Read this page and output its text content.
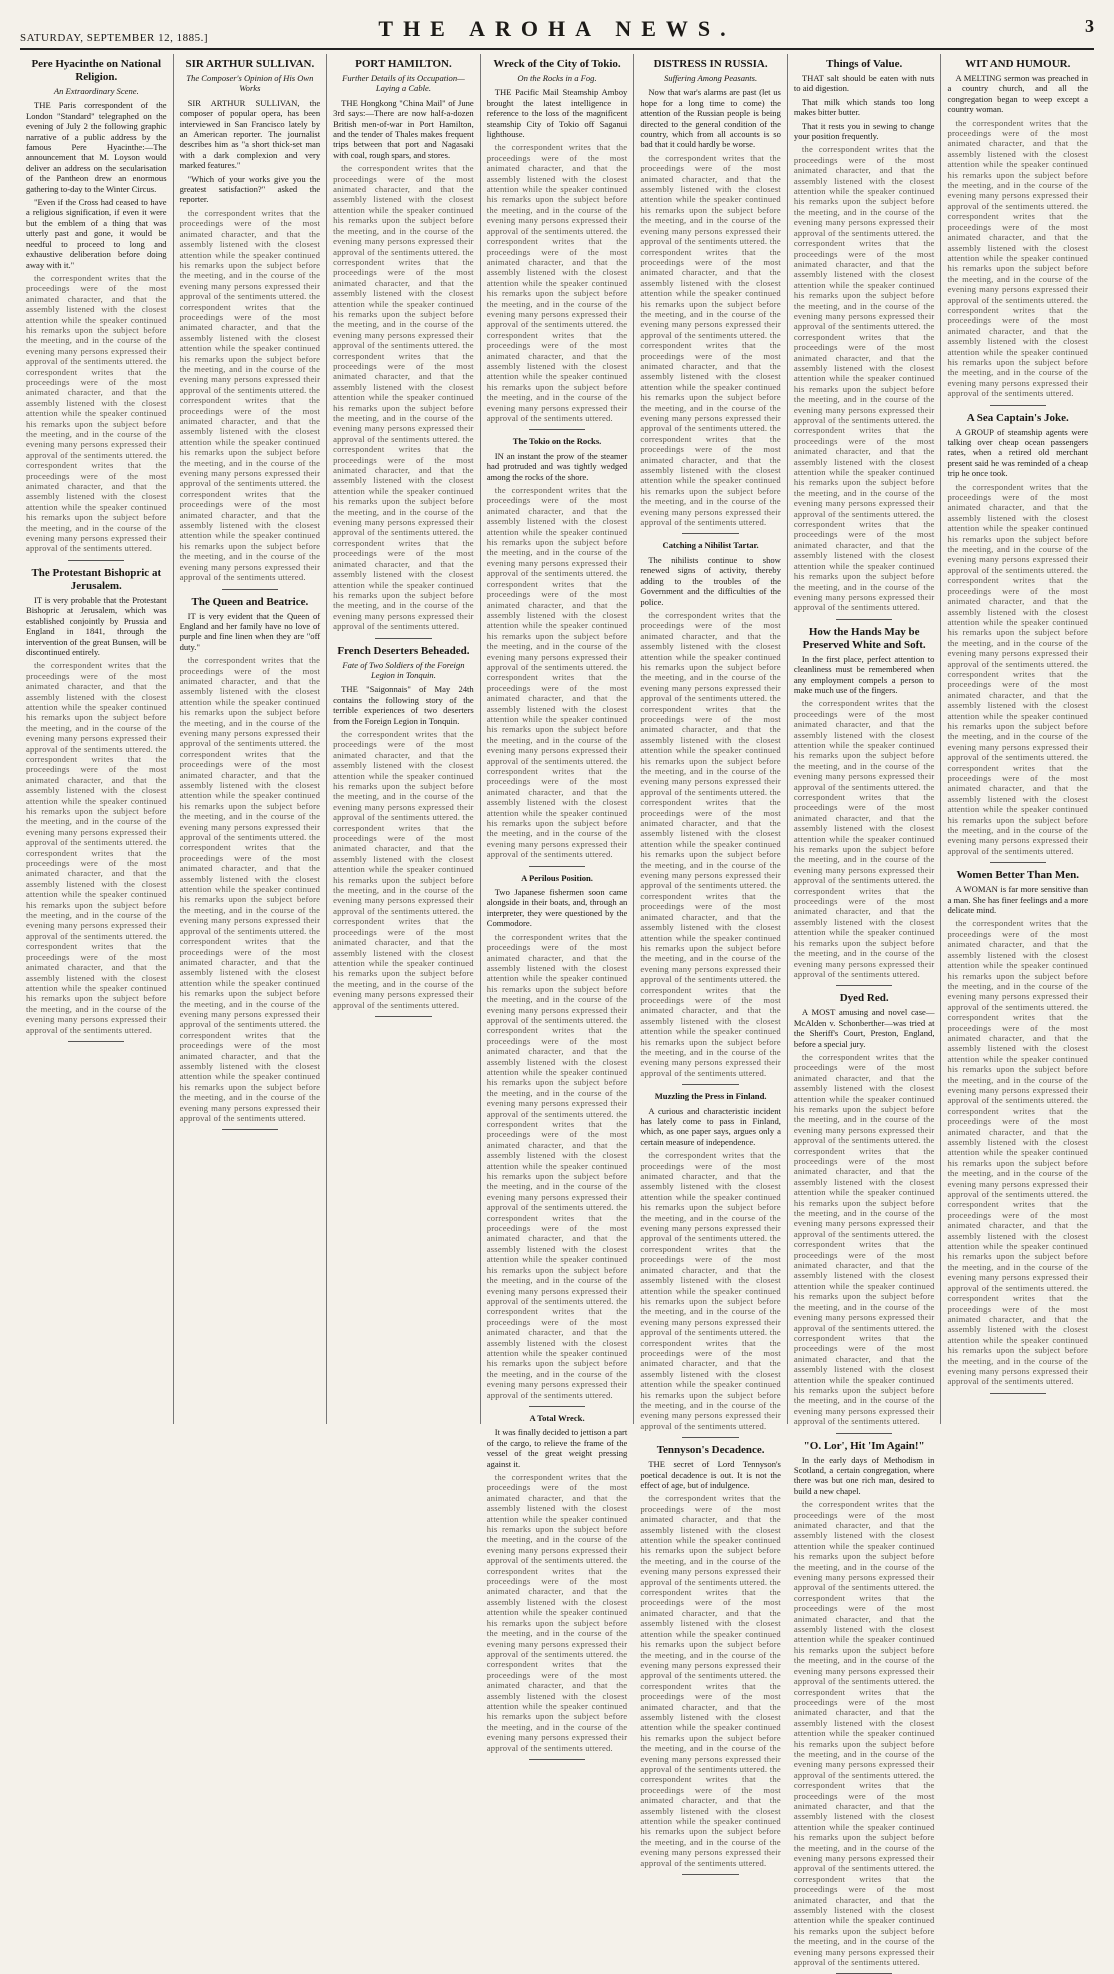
SATURDAY, SEPTEMBER 12, 1885.]	THE AROHA NEWS.	3
Pere Hyacinthe on National Religion.
An Extraordinary Scene.

THE Paris correspondent of the London "Standard" telegraphed on the evening of July 2 the following graphic narrative of a public address by the famous Pere Hyacinthe:—The announcement that M. Loyson would deliver an address on the secularisation of the Pantheon drew an enormous gathering to-day to the Winter Circus.

"Even if the Cross had ceased to have a religious signification, if even it were but the emblem of a thing that was utterly past and gone, it would be needful to proceed to long and exhaustive deliberation before doing away with it."

the correspondent writes that the proceedings were of the most animated character, and that the assembly listened with the closest attention while the speaker continued his remarks upon the subject before the meeting, and in the course of the evening many persons expressed their approval of the sentiments uttered. the correspondent writes that the proceedings were of the most animated character, and that the assembly listened with the closest attention while the speaker continued his remarks upon the subject before the meeting, and in the course of the evening many persons expressed their approval of the sentiments uttered. the correspondent writes that the proceedings were of the most animated character, and that the assembly listened with the closest attention while the speaker continued his remarks upon the subject before the meeting, and in the course of the evening many persons expressed their approval of the sentiments uttered.

The Protestant Bishopric at Jerusalem.

IT is very probable that the Protestant Bishopric at Jerusalem, which was established conjointly by Prussia and England in 1841, through the intervention of the great Bunsen, will be discontinued entirely.

the correspondent writes that the proceedings were of the most animated character, and that the assembly listened with the closest attention while the speaker continued his remarks upon the subject before the meeting, and in the course of the evening many persons expressed their approval of the sentiments uttered. the correspondent writes that the proceedings were of the most animated character, and that the assembly listened with the closest attention while the speaker continued his remarks upon the subject before the meeting, and in the course of the evening many persons expressed their approval of the sentiments uttered. the correspondent writes that the proceedings were of the most animated character, and that the assembly listened with the closest attention while the speaker continued his remarks upon the subject before the meeting, and in the course of the evening many persons expressed their approval of the sentiments uttered. the correspondent writes that the proceedings were of the most animated character, and that the assembly listened with the closest attention while the speaker continued his remarks upon the subject before the meeting, and in the course of the evening many persons expressed their approval of the sentiments uttered.

SIR ARTHUR SULLIVAN.
The Composer's Opinion of His Own Works

SIR ARTHUR SULLIVAN, the composer of popular opera, has been interviewed in San Francisco lately by an American reporter. The journalist describes him as "a short thick-set man with a dark complexion and very marked features."

"Which of your works give you the greatest satisfaction?" asked the reporter.

the correspondent writes that the proceedings were of the most animated character, and that the assembly listened with the closest attention while the speaker continued his remarks upon the subject before the meeting, and in the course of the evening many persons expressed their approval of the sentiments uttered. the correspondent writes that the proceedings were of the most animated character, and that the assembly listened with the closest attention while the speaker continued his remarks upon the subject before the meeting, and in the course of the evening many persons expressed their approval of the sentiments uttered. the correspondent writes that the proceedings were of the most animated character, and that the assembly listened with the closest attention while the speaker continued his remarks upon the subject before the meeting, and in the course of the evening many persons expressed their approval of the sentiments uttered. the correspondent writes that the proceedings were of the most animated character, and that the assembly listened with the closest attention while the speaker continued his remarks upon the subject before the meeting, and in the course of the evening many persons expressed their approval of the sentiments uttered.

The Queen and Beatrice.

IT is very evident that the Queen of England and her family have no love of purple and fine linen when they are "off duty."

the correspondent writes that the proceedings were of the most animated character, and that the assembly listened with the closest attention while the speaker continued his remarks upon the subject before the meeting, and in the course of the evening many persons expressed their approval of the sentiments uttered. the correspondent writes that the proceedings were of the most animated character, and that the assembly listened with the closest attention while the speaker continued his remarks upon the subject before the meeting, and in the course of the evening many persons expressed their approval of the sentiments uttered. the correspondent writes that the proceedings were of the most animated character, and that the assembly listened with the closest attention while the speaker continued his remarks upon the subject before the meeting, and in the course of the evening many persons expressed their approval of the sentiments uttered. the correspondent writes that the proceedings were of the most animated character, and that the assembly listened with the closest attention while the speaker continued his remarks upon the subject before the meeting, and in the course of the evening many persons expressed their approval of the sentiments uttered. the correspondent writes that the proceedings were of the most animated character, and that the assembly listened with the closest attention while the speaker continued his remarks upon the subject before the meeting, and in the course of the evening many persons expressed their approval of the sentiments uttered.

PORT HAMILTON.
Further Details of its Occupation—Laying a Cable.

THE Hongkong "China Mail" of June 3rd says:—There are now half-a-dozen British men-of-war in Port Hamilton, and the tender of Thales makes frequent trips between that port and Nagasaki with coal, rough spars, and stores.

the correspondent writes that the proceedings were of the most animated character, and that the assembly listened with the closest attention while the speaker continued his remarks upon the subject before the meeting, and in the course of the evening many persons expressed their approval of the sentiments uttered. the correspondent writes that the proceedings were of the most animated character, and that the assembly listened with the closest attention while the speaker continued his remarks upon the subject before the meeting, and in the course of the evening many persons expressed their approval of the sentiments uttered. the correspondent writes that the proceedings were of the most animated character, and that the assembly listened with the closest attention while the speaker continued his remarks upon the subject before the meeting, and in the course of the evening many persons expressed their approval of the sentiments uttered. the correspondent writes that the proceedings were of the most animated character, and that the assembly listened with the closest attention while the speaker continued his remarks upon the subject before the meeting, and in the course of the evening many persons expressed their approval of the sentiments uttered. the correspondent writes that the proceedings were of the most animated character, and that the assembly listened with the closest attention while the speaker continued his remarks upon the subject before the meeting, and in the course of the evening many persons expressed their approval of the sentiments uttered.

French Deserters Beheaded.
Fate of Two Soldiers of the Foreign Legion in Tonquin.

THE "Saigonnais" of May 24th contains the following story of the terrible experiences of two deserters from the Foreign Legion in Tonquin.

the correspondent writes that the proceedings were of the most animated character, and that the assembly listened with the closest attention while the speaker continued his remarks upon the subject before the meeting, and in the course of the evening many persons expressed their approval of the sentiments uttered. the correspondent writes that the proceedings were of the most animated character, and that the assembly listened with the closest attention while the speaker continued his remarks upon the subject before the meeting, and in the course of the evening many persons expressed their approval of the sentiments uttered. the correspondent writes that the proceedings were of the most animated character, and that the assembly listened with the closest attention while the speaker continued his remarks upon the subject before the meeting, and in the course of the evening many persons expressed their approval of the sentiments uttered.

Wreck of the City of Tokio.
On the Rocks in a Fog.

THE Pacific Mail Steamship Amboy brought the latest intelligence in reference to the loss of the magnificent steamship City of Tokio off Saganui lighthouse.

the correspondent writes that the proceedings were of the most animated character, and that the assembly listened with the closest attention while the speaker continued his remarks upon the subject before the meeting, and in the course of the evening many persons expressed their approval of the sentiments uttered. the correspondent writes that the proceedings were of the most animated character, and that the assembly listened with the closest attention while the speaker continued his remarks upon the subject before the meeting, and in the course of the evening many persons expressed their approval of the sentiments uttered. the correspondent writes that the proceedings were of the most animated character, and that the assembly listened with the closest attention while the speaker continued his remarks upon the subject before the meeting, and in the course of the evening many persons expressed their approval of the sentiments uttered.

The Tokio on the Rocks.

IN an instant the prow of the steamer had protruded and was tightly wedged among the rocks of the shore.

the correspondent writes that the proceedings were of the most animated character, and that the assembly listened with the closest attention while the speaker continued his remarks upon the subject before the meeting, and in the course of the evening many persons expressed their approval of the sentiments uttered. the correspondent writes that the proceedings were of the most animated character, and that the assembly listened with the closest attention while the speaker continued his remarks upon the subject before the meeting, and in the course of the evening many persons expressed their approval of the sentiments uttered. the correspondent writes that the proceedings were of the most animated character, and that the assembly listened with the closest attention while the speaker continued his remarks upon the subject before the meeting, and in the course of the evening many persons expressed their approval of the sentiments uttered. the correspondent writes that the proceedings were of the most animated character, and that the assembly listened with the closest attention while the speaker continued his remarks upon the subject before the meeting, and in the course of the evening many persons expressed their approval of the sentiments uttered.

A Perilous Position.

Two Japanese fishermen soon came alongside in their boats, and, through an interpreter, they were questioned by the Commodore.

the correspondent writes that the proceedings were of the most animated character, and that the assembly listened with the closest attention while the speaker continued his remarks upon the subject before the meeting, and in the course of the evening many persons expressed their approval of the sentiments uttered. the correspondent writes that the proceedings were of the most animated character, and that the assembly listened with the closest attention while the speaker continued his remarks upon the subject before the meeting, and in the course of the evening many persons expressed their approval of the sentiments uttered. the correspondent writes that the proceedings were of the most animated character, and that the assembly listened with the closest attention while the speaker continued his remarks upon the subject before the meeting, and in the course of the evening many persons expressed their approval of the sentiments uttered. the correspondent writes that the proceedings were of the most animated character, and that the assembly listened with the closest attention while the speaker continued his remarks upon the subject before the meeting, and in the course of the evening many persons expressed their approval of the sentiments uttered. the correspondent writes that the proceedings were of the most animated character, and that the assembly listened with the closest attention while the speaker continued his remarks upon the subject before the meeting, and in the course of the evening many persons expressed their approval of the sentiments uttered.

A Total Wreck.

It was finally decided to jettison a part of the cargo, to relieve the frame of the vessel of the great weight pressing against it.

the correspondent writes that the proceedings were of the most animated character, and that the assembly listened with the closest attention while the speaker continued his remarks upon the subject before the meeting, and in the course of the evening many persons expressed their approval of the sentiments uttered. the correspondent writes that the proceedings were of the most animated character, and that the assembly listened with the closest attention while the speaker continued his remarks upon the subject before the meeting, and in the course of the evening many persons expressed their approval of the sentiments uttered. the correspondent writes that the proceedings were of the most animated character, and that the assembly listened with the closest attention while the speaker continued his remarks upon the subject before the meeting, and in the course of the evening many persons expressed their approval of the sentiments uttered.

DISTRESS IN RUSSIA.
Suffering Among Peasants.

Now that war's alarms are past (let us hope for a long time to come) the attention of the Russian people is being directed to the general condition of the country, which from all accounts is so bad that it could hardly be worse.

the correspondent writes that the proceedings were of the most animated character, and that the assembly listened with the closest attention while the speaker continued his remarks upon the subject before the meeting, and in the course of the evening many persons expressed their approval of the sentiments uttered. the correspondent writes that the proceedings were of the most animated character, and that the assembly listened with the closest attention while the speaker continued his remarks upon the subject before the meeting, and in the course of the evening many persons expressed their approval of the sentiments uttered. the correspondent writes that the proceedings were of the most animated character, and that the assembly listened with the closest attention while the speaker continued his remarks upon the subject before the meeting, and in the course of the evening many persons expressed their approval of the sentiments uttered. the correspondent writes that the proceedings were of the most animated character, and that the assembly listened with the closest attention while the speaker continued his remarks upon the subject before the meeting, and in the course of the evening many persons expressed their approval of the sentiments uttered.

Catching a Nihilist Tartar.

The nihilists continue to show renewed signs of activity, thereby adding to the troubles of the Government and the difficulties of the police.

the correspondent writes that the proceedings were of the most animated character, and that the assembly listened with the closest attention while the speaker continued his remarks upon the subject before the meeting, and in the course of the evening many persons expressed their approval of the sentiments uttered. the correspondent writes that the proceedings were of the most animated character, and that the assembly listened with the closest attention while the speaker continued his remarks upon the subject before the meeting, and in the course of the evening many persons expressed their approval of the sentiments uttered. the correspondent writes that the proceedings were of the most animated character, and that the assembly listened with the closest attention while the speaker continued his remarks upon the subject before the meeting, and in the course of the evening many persons expressed their approval of the sentiments uttered. the correspondent writes that the proceedings were of the most animated character, and that the assembly listened with the closest attention while the speaker continued his remarks upon the subject before the meeting, and in the course of the evening many persons expressed their approval of the sentiments uttered. the correspondent writes that the proceedings were of the most animated character, and that the assembly listened with the closest attention while the speaker continued his remarks upon the subject before the meeting, and in the course of the evening many persons expressed their approval of the sentiments uttered.

Muzzling the Press in Finland.

A curious and characteristic incident has lately come to pass in Finland, which, as one paper says, argues only a certain measure of independence.

the correspondent writes that the proceedings were of the most animated character, and that the assembly listened with the closest attention while the speaker continued his remarks upon the subject before the meeting, and in the course of the evening many persons expressed their approval of the sentiments uttered. the correspondent writes that the proceedings were of the most animated character, and that the assembly listened with the closest attention while the speaker continued his remarks upon the subject before the meeting, and in the course of the evening many persons expressed their approval of the sentiments uttered. the correspondent writes that the proceedings were of the most animated character, and that the assembly listened with the closest attention while the speaker continued his remarks upon the subject before the meeting, and in the course of the evening many persons expressed their approval of the sentiments uttered.

Tennyson's Decadence.

THE secret of Lord Tennyson's poetical decadence is out. It is not the effect of age, but of indulgence.

the correspondent writes that the proceedings were of the most animated character, and that the assembly listened with the closest attention while the speaker continued his remarks upon the subject before the meeting, and in the course of the evening many persons expressed their approval of the sentiments uttered. the correspondent writes that the proceedings were of the most animated character, and that the assembly listened with the closest attention while the speaker continued his remarks upon the subject before the meeting, and in the course of the evening many persons expressed their approval of the sentiments uttered. the correspondent writes that the proceedings were of the most animated character, and that the assembly listened with the closest attention while the speaker continued his remarks upon the subject before the meeting, and in the course of the evening many persons expressed their approval of the sentiments uttered. the correspondent writes that the proceedings were of the most animated character, and that the assembly listened with the closest attention while the speaker continued his remarks upon the subject before the meeting, and in the course of the evening many persons expressed their approval of the sentiments uttered.

Things of Value.

THAT salt should be eaten with nuts to aid digestion.

That milk which stands too long makes bitter butter.

That it rests you in sewing to change your position frequently.

the correspondent writes that the proceedings were of the most animated character, and that the assembly listened with the closest attention while the speaker continued his remarks upon the subject before the meeting, and in the course of the evening many persons expressed their approval of the sentiments uttered. the correspondent writes that the proceedings were of the most animated character, and that the assembly listened with the closest attention while the speaker continued his remarks upon the subject before the meeting, and in the course of the evening many persons expressed their approval of the sentiments uttered. the correspondent writes that the proceedings were of the most animated character, and that the assembly listened with the closest attention while the speaker continued his remarks upon the subject before the meeting, and in the course of the evening many persons expressed their approval of the sentiments uttered. the correspondent writes that the proceedings were of the most animated character, and that the assembly listened with the closest attention while the speaker continued his remarks upon the subject before the meeting, and in the course of the evening many persons expressed their approval of the sentiments uttered. the correspondent writes that the proceedings were of the most animated character, and that the assembly listened with the closest attention while the speaker continued his remarks upon the subject before the meeting, and in the course of the evening many persons expressed their approval of the sentiments uttered.

How the Hands May be Preserved White and Soft.

In the first place, perfect attention to cleanliness must be remembered when any employment compels a person to make much use of the fingers.

the correspondent writes that the proceedings were of the most animated character, and that the assembly listened with the closest attention while the speaker continued his remarks upon the subject before the meeting, and in the course of the evening many persons expressed their approval of the sentiments uttered. the correspondent writes that the proceedings were of the most animated character, and that the assembly listened with the closest attention while the speaker continued his remarks upon the subject before the meeting, and in the course of the evening many persons expressed their approval of the sentiments uttered. the correspondent writes that the proceedings were of the most animated character, and that the assembly listened with the closest attention while the speaker continued his remarks upon the subject before the meeting, and in the course of the evening many persons expressed their approval of the sentiments uttered.

Dyed Red.

A MOST amusing and novel case—McAlden v. Schonberther—was tried at the Sheriff's Court, Preston, England, before a special jury.

the correspondent writes that the proceedings were of the most animated character, and that the assembly listened with the closest attention while the speaker continued his remarks upon the subject before the meeting, and in the course of the evening many persons expressed their approval of the sentiments uttered. the correspondent writes that the proceedings were of the most animated character, and that the assembly listened with the closest attention while the speaker continued his remarks upon the subject before the meeting, and in the course of the evening many persons expressed their approval of the sentiments uttered. the correspondent writes that the proceedings were of the most animated character, and that the assembly listened with the closest attention while the speaker continued his remarks upon the subject before the meeting, and in the course of the evening many persons expressed their approval of the sentiments uttered. the correspondent writes that the proceedings were of the most animated character, and that the assembly listened with the closest attention while the speaker continued his remarks upon the subject before the meeting, and in the course of the evening many persons expressed their approval of the sentiments uttered.

"O. Lor', Hit 'Im Again!"

In the early days of Methodism in Scotland, a certain congregation, where there was but one rich man, desired to build a new chapel.

the correspondent writes that the proceedings were of the most animated character, and that the assembly listened with the closest attention while the speaker continued his remarks upon the subject before the meeting, and in the course of the evening many persons expressed their approval of the sentiments uttered. the correspondent writes that the proceedings were of the most animated character, and that the assembly listened with the closest attention while the speaker continued his remarks upon the subject before the meeting, and in the course of the evening many persons expressed their approval of the sentiments uttered. the correspondent writes that the proceedings were of the most animated character, and that the assembly listened with the closest attention while the speaker continued his remarks upon the subject before the meeting, and in the course of the evening many persons expressed their approval of the sentiments uttered. the correspondent writes that the proceedings were of the most animated character, and that the assembly listened with the closest attention while the speaker continued his remarks upon the subject before the meeting, and in the course of the evening many persons expressed their approval of the sentiments uttered. the correspondent writes that the proceedings were of the most animated character, and that the assembly listened with the closest attention while the speaker continued his remarks upon the subject before the meeting, and in the course of the evening many persons expressed their approval of the sentiments uttered.

WIT AND HUMOUR.

A MELTING sermon was preached in a country church, and all the congregation began to weep except a country woman.

the correspondent writes that the proceedings were of the most animated character, and that the assembly listened with the closest attention while the speaker continued his remarks upon the subject before the meeting, and in the course of the evening many persons expressed their approval of the sentiments uttered. the correspondent writes that the proceedings were of the most animated character, and that the assembly listened with the closest attention while the speaker continued his remarks upon the subject before the meeting, and in the course of the evening many persons expressed their approval of the sentiments uttered. the correspondent writes that the proceedings were of the most animated character, and that the assembly listened with the closest attention while the speaker continued his remarks upon the subject before the meeting, and in the course of the evening many persons expressed their approval of the sentiments uttered.

A Sea Captain's Joke.

A GROUP of steamship agents were talking over cheap ocean passengers rates, when a retired old merchant present said he was reminded of a cheap trip he once took.

the correspondent writes that the proceedings were of the most animated character, and that the assembly listened with the closest attention while the speaker continued his remarks upon the subject before the meeting, and in the course of the evening many persons expressed their approval of the sentiments uttered. the correspondent writes that the proceedings were of the most animated character, and that the assembly listened with the closest attention while the speaker continued his remarks upon the subject before the meeting, and in the course of the evening many persons expressed their approval of the sentiments uttered. the correspondent writes that the proceedings were of the most animated character, and that the assembly listened with the closest attention while the speaker continued his remarks upon the subject before the meeting, and in the course of the evening many persons expressed their approval of the sentiments uttered. the correspondent writes that the proceedings were of the most animated character, and that the assembly listened with the closest attention while the speaker continued his remarks upon the subject before the meeting, and in the course of the evening many persons expressed their approval of the sentiments uttered.

Women Better Than Men.

A WOMAN is far more sensitive than a man. She has finer feelings and a more delicate mind.

the correspondent writes that the proceedings were of the most animated character, and that the assembly listened with the closest attention while the speaker continued his remarks upon the subject before the meeting, and in the course of the evening many persons expressed their approval of the sentiments uttered. the correspondent writes that the proceedings were of the most animated character, and that the assembly listened with the closest attention while the speaker continued his remarks upon the subject before the meeting, and in the course of the evening many persons expressed their approval of the sentiments uttered. the correspondent writes that the proceedings were of the most animated character, and that the assembly listened with the closest attention while the speaker continued his remarks upon the subject before the meeting, and in the course of the evening many persons expressed their approval of the sentiments uttered. the correspondent writes that the proceedings were of the most animated character, and that the assembly listened with the closest attention while the speaker continued his remarks upon the subject before the meeting, and in the course of the evening many persons expressed their approval of the sentiments uttered. the correspondent writes that the proceedings were of the most animated character, and that the assembly listened with the closest attention while the speaker continued his remarks upon the subject before the meeting, and in the course of the evening many persons expressed their approval of the sentiments uttered.
